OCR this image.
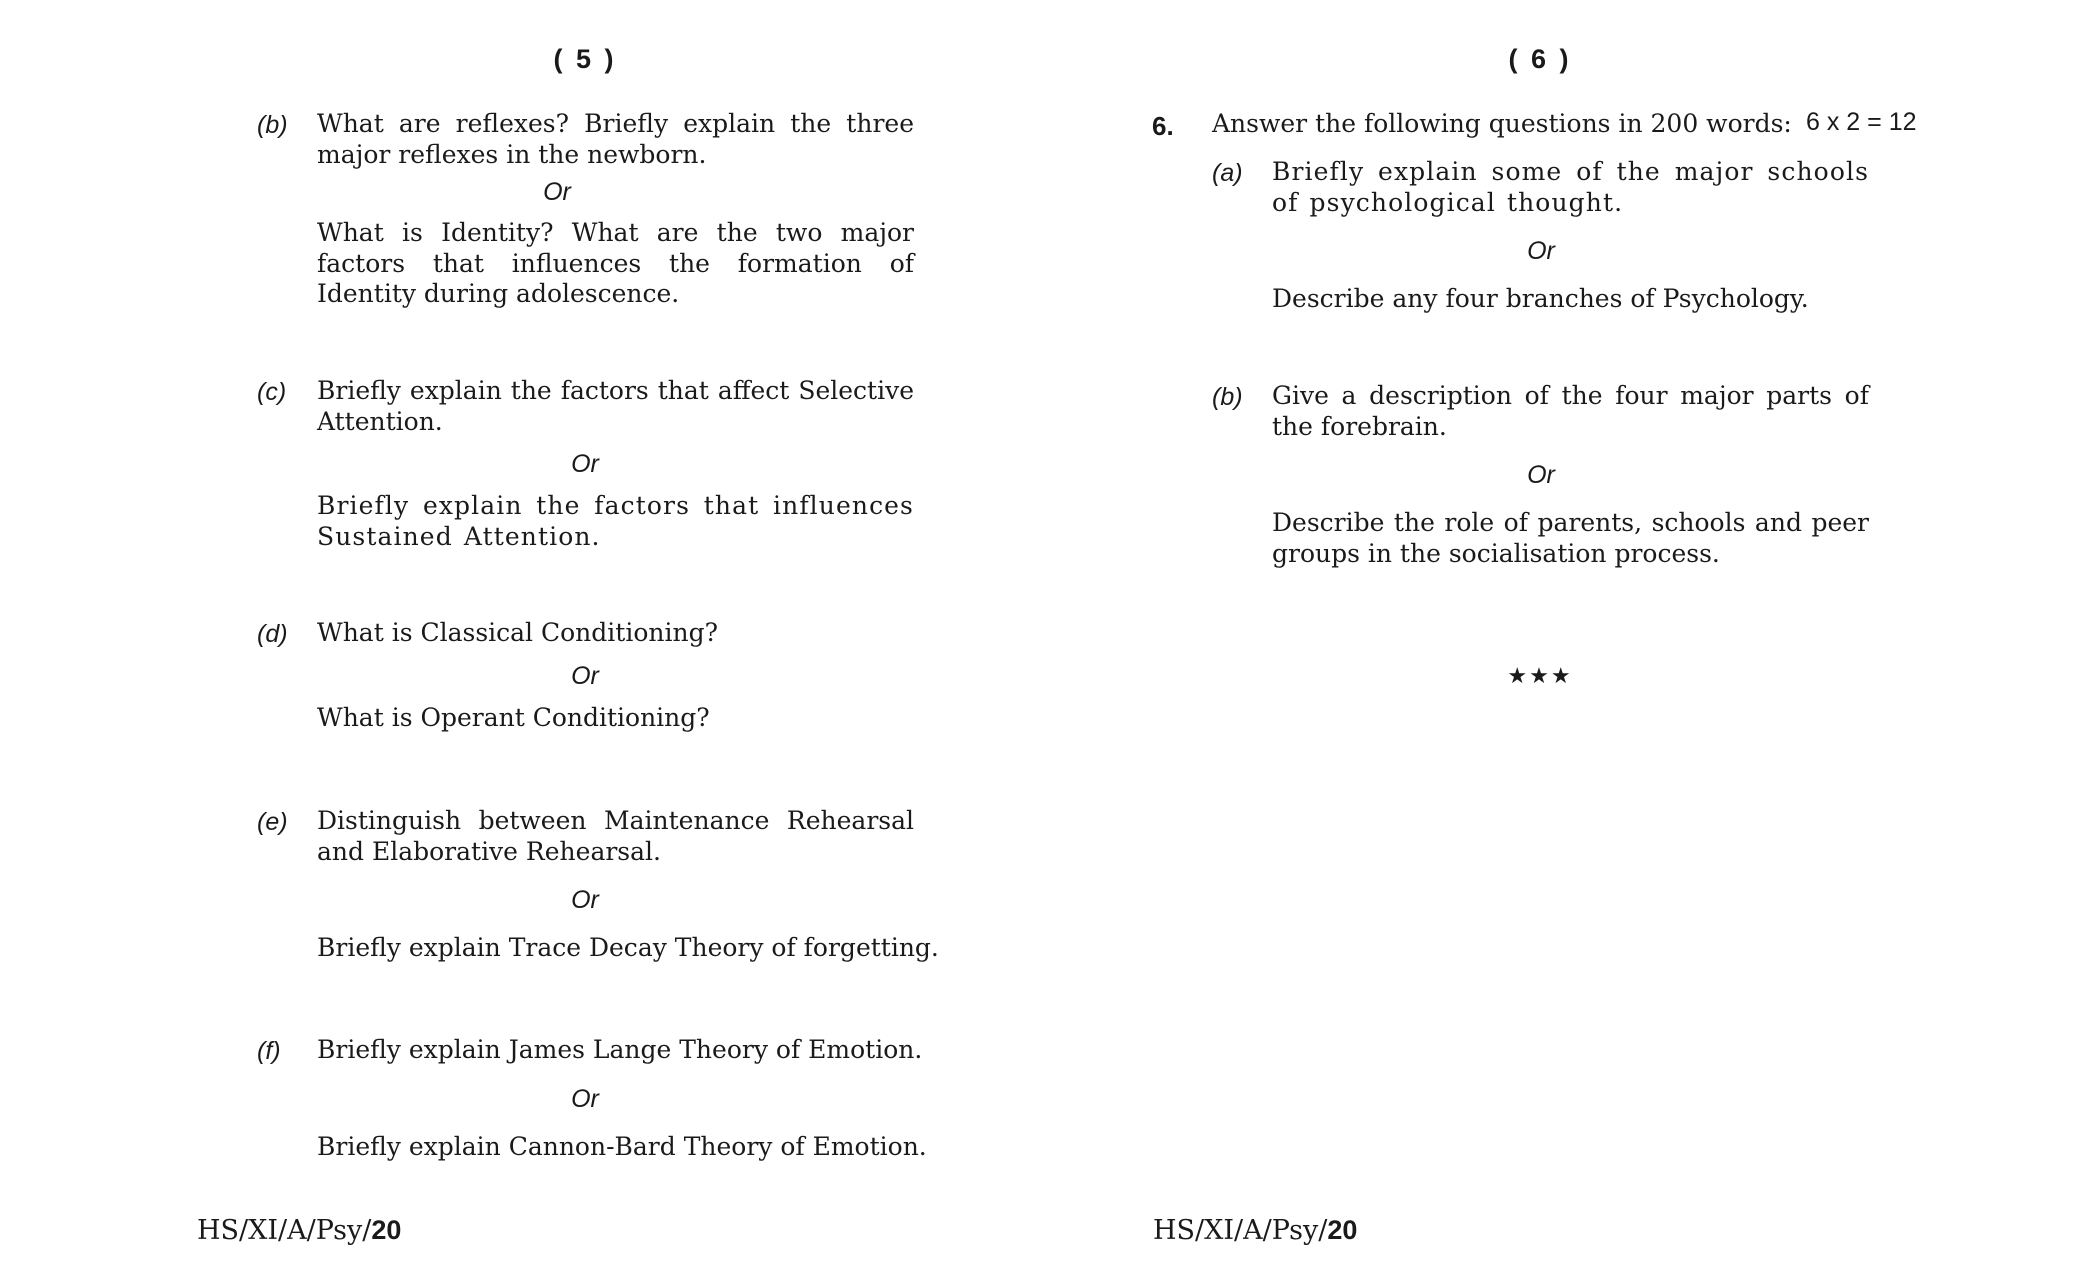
( 5 )
(b) What are reflexes? Briefly explain the three major reflexes in the newborn.
Or
What is Identity? What are the two major factors that influences the formation of Identity during adolescence.
(c) Briefly explain the factors that affect Selective Attention.
Or
Briefly explain the factors that influences Sustained Attention.
(d) What is Classical Conditioning?
Or
What is Operant Conditioning?
(e) Distinguish between Maintenance Rehearsal and Elaborative Rehearsal.
Or
Briefly explain Trace Decay Theory of forgetting.
(f) Briefly explain James Lange Theory of Emotion.
Or
Briefly explain Cannon-Bard Theory of Emotion.
HS/XI/A/Psy/20
( 6 )
6. Answer the following questions in 200 words: 6 x 2 = 12
(a) Briefly explain some of the major schools of psychological thought.
Or
Describe any four branches of Psychology.
(b) Give a description of the four major parts of the forebrain.
Or
Describe the role of parents, schools and peer groups in the socialisation process.
★★★
HS/XI/A/Psy/20
